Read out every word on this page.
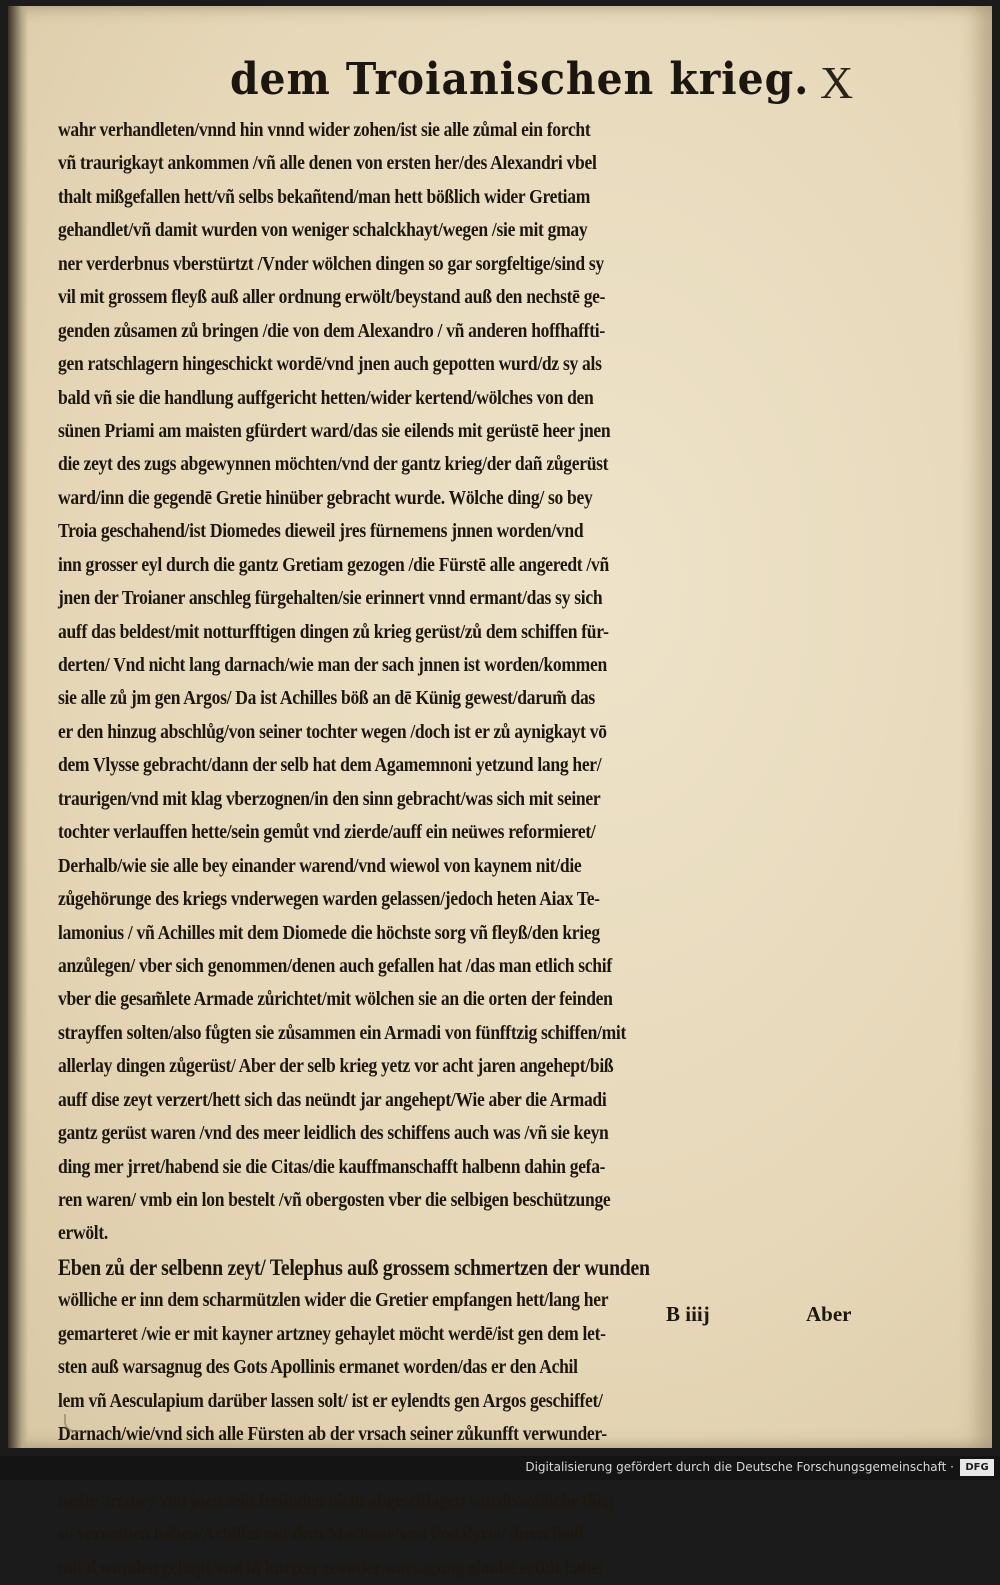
dem Troianischen krieg. X
wahr verhandleten/vnnd hin vnnd wider zohen/ist sie alle zůmal ein forcht
vñ traurigkayt ankommen /vñ alle denen von ersten her/des Alexandri vbel
thalt mißgefallen hett/vñ selbs bekañtend/man hett bößlich wider Gretiam
gehandlet/vñ damit wurden von weniger schalckhayt/wegen /sie mit gmay
ner verderbnus vberstürtzt /Vnder wölchen dingen so gar sorgfeltige/sind sy
vil mit grossem fleyß auß aller ordnung erwölt/beystand auß den nechstē ge-
genden zůsamen zů bringen /die von dem Alexandro / vñ anderen hoffhaffti-
gen ratschlagern hingeschickt wordē/vnd jnen auch gepotten wurd/dz sy als
bald vñ sie die handlung auffgericht hetten/wider kertend/wölches von den
sünen Priami am maisten gfürdert ward/das sie eilends mit gerüstē heer jnen
die zeyt des zugs abgewynnen möchten/vnd der gantz krieg/der dañ zůgerüst
ward/inn die gegendē Gretie hinüber gebracht wurde. Wölche ding/ so bey
Troia geschahend/ist Diomedes dieweil jres fürnemens jnnen worden/vnd
inn grosser eyl durch die gantz Gretiam gezogen /die Fürstē alle angeredt /vñ
jnen der Troianer anschleg fürgehalten/sie erinnert vnnd ermant/das sy sich
auff das beldest/mit notturfftigen dingen zů krieg gerüst/zů dem schiffen für-
derten/ Vnd nicht lang darnach/wie man der sach jnnen ist worden/kommen
sie alle zů jm gen Argos/ Da ist Achilles böß an dē Künig gewest/darum̃ das
er den hinzug abschlůg/von seiner tochter wegen /doch ist er zů aynigkayt vō
dem Vlysse gebracht/dann der selb hat dem Agamemnoni yetzund lang her/
traurigen/vnd mit klag vberzognen/in den sinn gebracht/was sich mit seiner
tochter verlauffen hette/sein gemůt vnd zierde/auff ein neüwes reformieret/
Derhalb/wie sie alle bey einander warend/vnd wiewol von kaynem nit/die
zůgehörunge des kriegs vnderwegen warden gelassen/jedoch heten Aiax Te-
lamonius / vñ Achilles mit dem Diomede die höchste sorg vñ fleyß/den krieg
anzůlegen/ vber sich genommen/denen auch gefallen hat /das man etlich schif
vber die gesam̃lete Armade zůrichtet/mit wölchen sie an die orten der feinden
strayffen solten/also fůgten sie zůsammen ein Armadi von fünfftzig schiffen/mit
allerlay dingen zůgerüst/ Aber der selb krieg yetz vor acht jaren angehept/biß
auff dise zeyt verzert/hett sich das neündt jar angehept/Wie aber die Armadi
gantz gerüst waren /vnd des meer leidlich des schiffens auch was /vñ sie keyn
ding mer jrret/habend sie die Citas/die kauffmanschafft halbenn dahin gefa-
ren waren/ vmb ein lon bestelt /vñ obergosten vber die selbigen beschützunge
erwölt.
Eben zů der selbenn zeyt/ Telephus auß grossem schmertzen der wunden
wölliche er inn dem scharmützlen wider die Gretier empfangen hett/lang her
gemarteret /wie er mit kayner artzney gehaylet möcht werdē/ist gen dem let-
sten auß warsagnug des Gots Apollinis ermanet worden/das er den Achil
lem vñ Aesculapium darüber lassen solt/ ist er eylendts gen Argos geschiffet/
Darnach/wie/vnd sich alle Fürsten ab der vrsach seiner zůkunfft verwunder-
melte artzney von jnen sein freünden nicht abgeschlagen wurde/wölliche ding
so vernom̃en haben/Achilles mit dem Machone/vnd Podalyrio/ ihren fleiß
mit d wunden gehapt/vnd iñ kurtzer zeyt/der warsagung glaubē erfült habē/
B iiij	Aber
Digitalisierung gefördert durch die Deutsche Forschungsgemeinschaft ·	DFG
